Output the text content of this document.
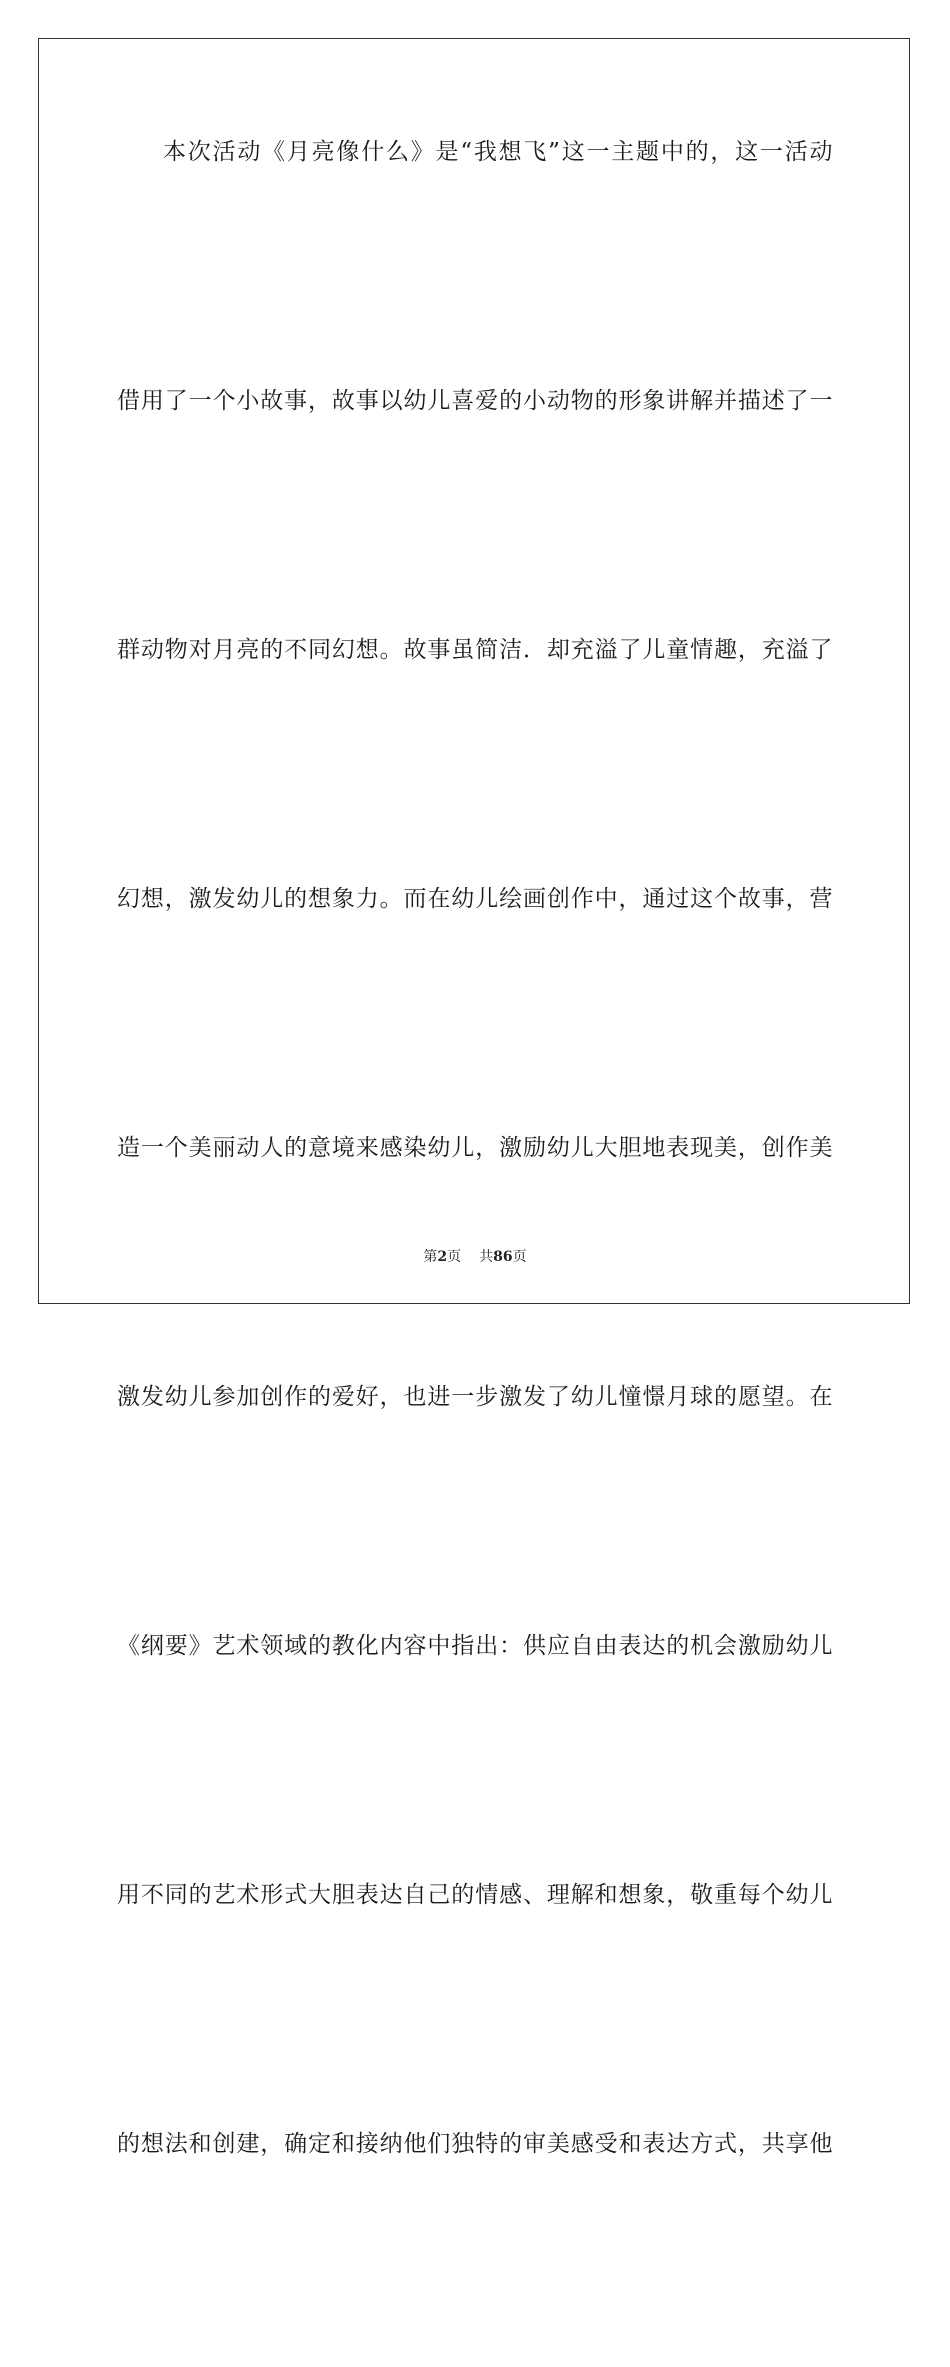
本次活动《月亮像什么》是“我想飞”这一主题中的，这一活动
借用了一个小故事，故事以幼儿喜爱的小动物的形象讲解并描述了一
群动物对月亮的不同幻想。故事虽简洁．却充溢了儿童情趣，充溢了
幻想，激发幼儿的想象力。而在幼儿绘画创作中，通过这个故事，营
造一个美丽动人的意境来感染幼儿，激励幼儿大胆地表现美，创作美
激发幼儿参加创作的爱好，也进一步激发了幼儿憧憬月球的愿望。在
《纲要》艺术领域的教化内容中指出：供应自由表达的机会激励幼儿
用不同的艺术形式大胆表达自己的情感、理解和想象，敬重每个幼儿
的想法和创建，确定和接纳他们独特的审美感受和表达方式，共享他
第2页 共86页
